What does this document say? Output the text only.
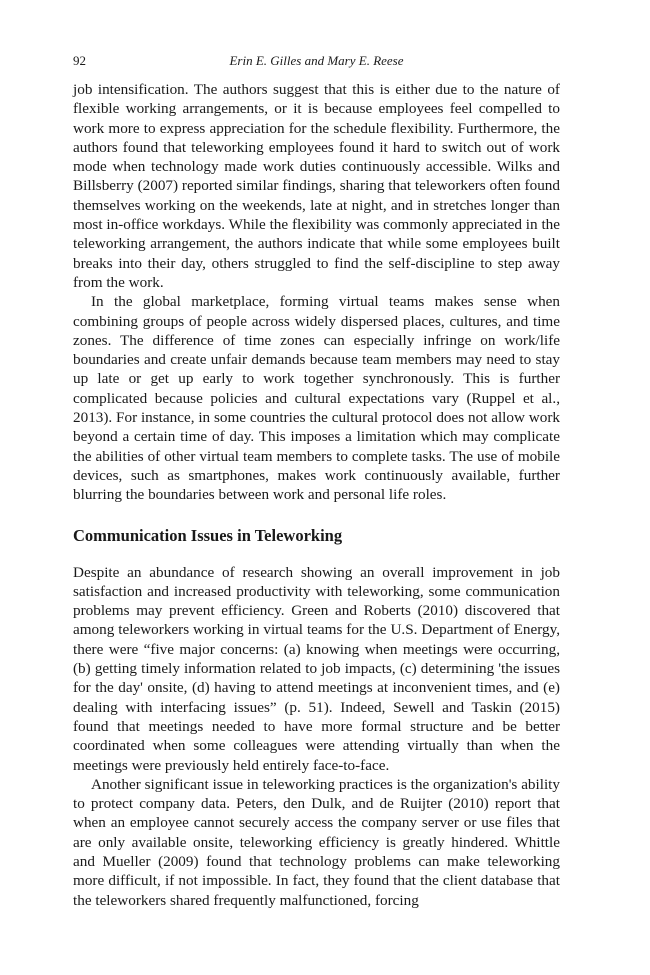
92	Erin E. Gilles and Mary E. Reese

job intensification. The authors suggest that this is either due to the nature of flexible working arrangements, or it is because employees feel compelled to work more to express appreciation for the schedule flexibility. Furthermore, the authors found that teleworking employees found it hard to switch out of work mode when technology made work duties continuously accessible. Wilks and Billsberry (2007) reported similar findings, sharing that teleworkers often found themselves working on the weekends, late at night, and in stretches longer than most in-office workdays. While the flexibility was commonly appreciated in the teleworking arrangement, the authors indicate that while some employees built breaks into their day, others struggled to find the self-discipline to step away from the work.

In the global marketplace, forming virtual teams makes sense when combining groups of people across widely dispersed places, cultures, and time zones. The difference of time zones can especially infringe on work/life boundaries and create unfair demands because team members may need to stay up late or get up early to work together synchronously. This is further complicated because policies and cultural expectations vary (Ruppel et al., 2013). For instance, in some countries the cultural protocol does not allow work beyond a certain time of day. This imposes a limitation which may complicate the abilities of other virtual team members to complete tasks. The use of mobile devices, such as smartphones, makes work continuously available, further blurring the boundaries between work and personal life roles.

Communication Issues in Teleworking

Despite an abundance of research showing an overall improvement in job satisfaction and increased productivity with teleworking, some communication problems may prevent efficiency. Green and Roberts (2010) discovered that among teleworkers working in virtual teams for the U.S. Department of Energy, there were “five major concerns: (a) knowing when meetings were occurring, (b) getting timely information related to job impacts, (c) determining 'the issues for the day' onsite, (d) having to attend meetings at inconvenient times, and (e) dealing with interfacing issues” (p. 51). Indeed, Sewell and Taskin (2015) found that meetings needed to have more formal structure and be better coordinated when some colleagues were attending virtually than when the meetings were previously held entirely face-to-face.

Another significant issue in teleworking practices is the organization's ability to protect company data. Peters, den Dulk, and de Ruijter (2010) report that when an employee cannot securely access the company server or use files that are only available onsite, teleworking efficiency is greatly hindered. Whittle and Mueller (2009) found that technology problems can make teleworking more difficult, if not impossible. In fact, they found that the client database that the teleworkers shared frequently malfunctioned, forcing
